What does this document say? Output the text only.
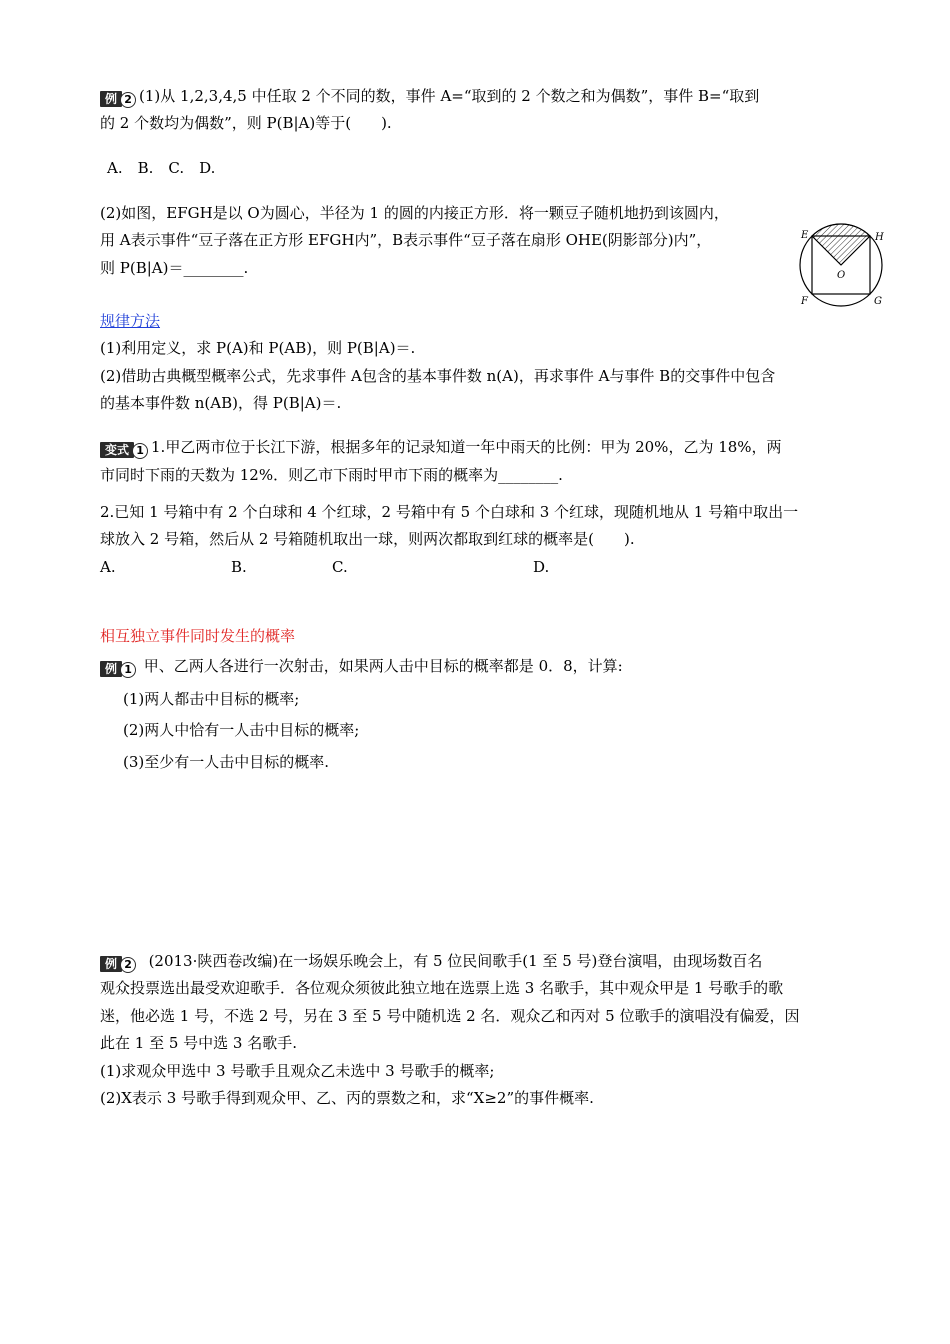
例 2 (1)从 1,2,3,4,5 中任取 2 个不同的数，事件 A=“取到的 2 个数之和为偶数”，事件 B=“取到
的 2 个数均为偶数”，则 P(B|A)等于(　　).
A.　B.　C.　D.
(2)如图，EFGH是以 O为圆心，半径为 1 的圆的内接正方形．将一颗豆子随机地扔到该圆内，
用 A表示事件“豆子落在正方形 EFGH内”，B表示事件“豆子落在扇形 OHE(阴影部分)内”，
则 P(B|A)＝________.
E	H
O
F	G
规律方法
(1)利用定义，求 P(A)和 P(AB)，则 P(B|A)＝.
(2)借助古典概型概率公式，先求事件 A包含的基本事件数 n(A)，再求事件 A与事件 B的交事件中包含
的基本事件数 n(AB)，得 P(B|A)＝.
变式 1 1.甲乙两市位于长江下游，根据多年的记录知道一年中雨天的比例：甲为 20%，乙为 18%，两
市同时下雨的天数为 12%．则乙市下雨时甲市下雨的概率为________.
2.已知 1 号箱中有 2 个白球和 4 个红球，2 号箱中有 5 个白球和 3 个红球，现随机地从 1 号箱中取出一
球放入 2 号箱，然后从 2 号箱随机取出一球，则两次都取到红球的概率是(　　).
A.	B.	C.	D.
相互独立事件同时发生的概率
例 1 甲、乙两人各进行一次射击，如果两人击中目标的概率都是 0．8，计算:
(1)两人都击中目标的概率;
(2)两人中恰有一人击中目标的概率;
(3)至少有一人击中目标的概率.
例 2 (2013·陕西卷改编)在一场娱乐晚会上，有 5 位民间歌手(1 至 5 号)登台演唱，由现场数百名
观众投票选出最受欢迎歌手．各位观众须彼此独立地在选票上选 3 名歌手，其中观众甲是 1 号歌手的歌
迷，他必选 1 号，不选 2 号，另在 3 至 5 号中随机选 2 名．观众乙和丙对 5 位歌手的演唱没有偏爱，因
此在 1 至 5 号中选 3 名歌手.
(1)求观众甲选中 3 号歌手且观众乙未选中 3 号歌手的概率;
(2)X表示 3 号歌手得到观众甲、乙、丙的票数之和，求“X≥2”的事件概率.
